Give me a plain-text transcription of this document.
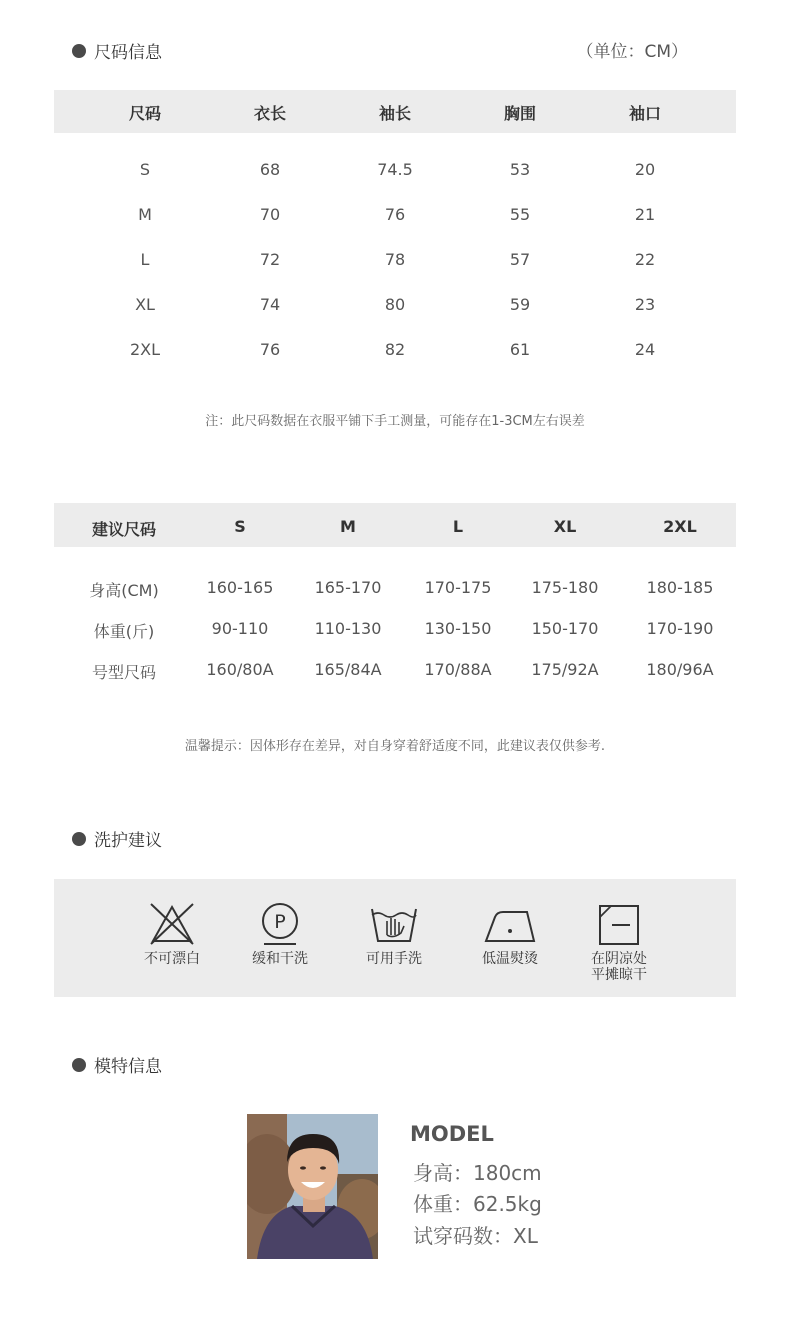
尺码信息	（单位：CM）
尺码	衣长	袖长	胸围	袖口
S	68	74.5	53	20
M	70	76	55	21
L	72	78	57	22
XL	74	80	59	23
2XL	76	82	61	24
注：此尺码数据在衣服平铺下手工测量，可能存在1-3CM左右误差
建议尺码	S	M	L	XL	2XL
身高(CM)	160-165	165-170	170-175	175-180	180-185
体重(斤)	90-110	110-130	130-150	150-170	170-190
号型尺码	160/80A	165/84A	170/88A	175/92A	180/96A
温馨提示：因体形存在差异，对自身穿着舒适度不同，此建议表仅供参考.
洗护建议
不可漂白
P
缓和干洗	可用手洗	低温熨烫	在阴凉处
平摊晾干
模特信息
MODEL
身高：180cm
体重：62.5kg
试穿码数：XL
